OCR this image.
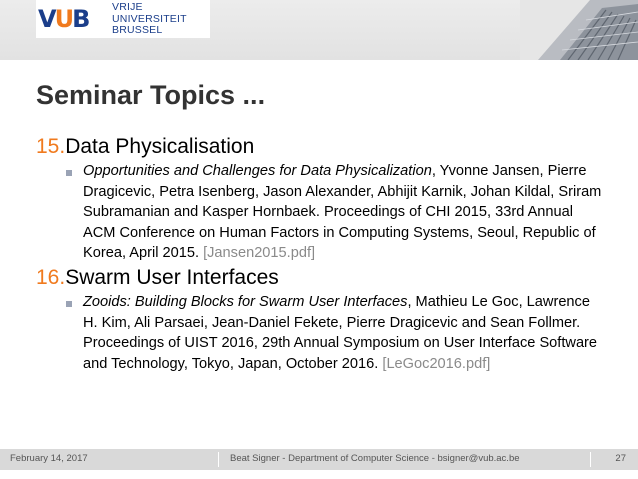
VUB VRIJE
UNIVERSITEIT
BRUSSEL
Seminar Topics ...
15.Data Physicalisation
Opportunities and Challenges for Data Physicalization, Yvonne Jansen, Pierre Dragicevic, Petra Isenberg, Jason Alexander, Abhijit Karnik, Johan Kildal, Sriram Subramanian and Kasper Hornbaek. Proceedings of CHI 2015, 33rd Annual ACM Conference on Human Factors in Computing Systems, Seoul, Republic of Korea, April 2015. [Jansen2015.pdf]
16.Swarm User Interfaces
Zooids: Building Blocks for Swarm User Interfaces, Mathieu Le Goc, Lawrence H. Kim, Ali Parsaei, Jean-Daniel Fekete, Pierre Dragicevic and Sean Follmer. Proceedings of UIST 2016, 29th Annual Symposium on User Interface Software and Technology, Tokyo, Japan, October 2016. [LeGoc2016.pdf]
February 14, 2017	Beat Signer - Department of Computer Science - bsigner@vub.ac.be	27
